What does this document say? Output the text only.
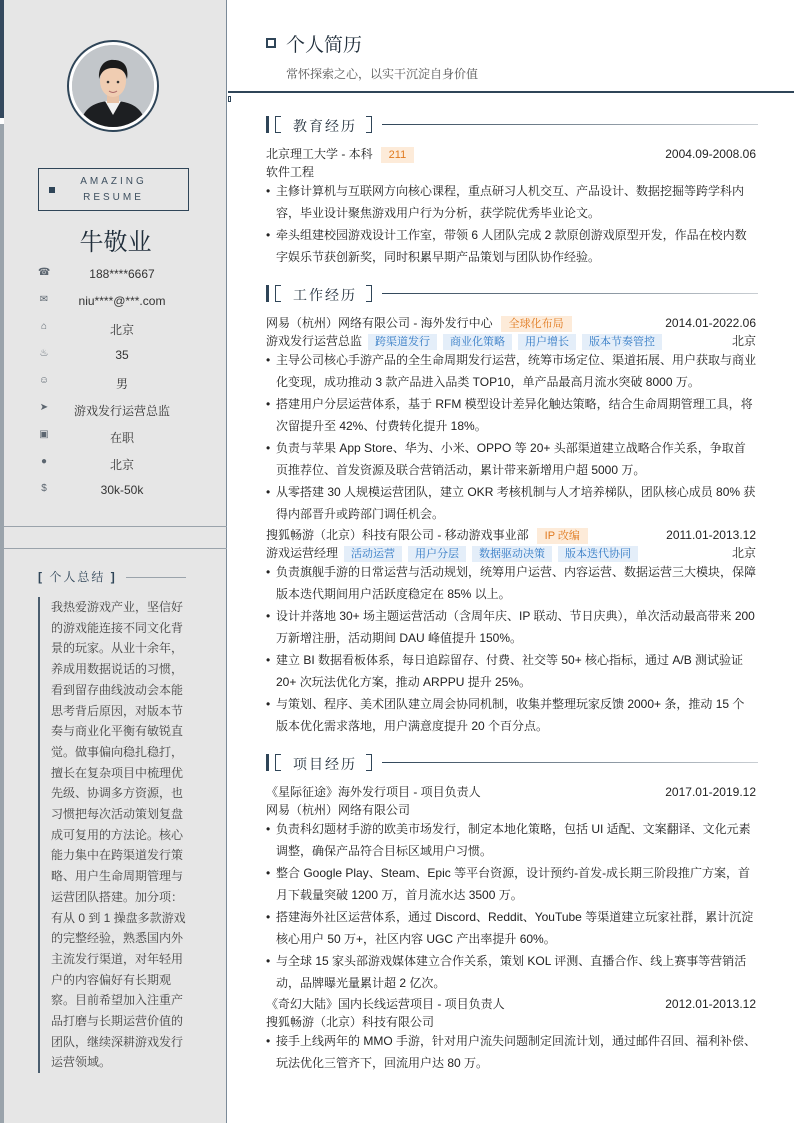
AMAZING
RESUME
牛敬业
☎	188****6667
✉	niu****@***.com
⌂	北京
♨	35
☺	男
➤	游戏发行运营总监
▣	在职
●	北京
$	30k-50k
[ 个人总结 ]
我热爱游戏产业，坚信好的游戏能连接不同文化背景的玩家。从业十余年，养成用数据说话的习惯，看到留存曲线波动会本能思考背后原因，对版本节奏与商业化平衡有敏锐直觉。做事偏向稳扎稳打，擅长在复杂项目中梳理优先级、协调多方资源，也习惯把每次活动策划复盘成可复用的方法论。核心能力集中在跨渠道发行策略、用户生命周期管理与运营团队搭建。加分项：有从 0 到 1 操盘多款游戏的完整经验，熟悉国内外主流发行渠道，对年轻用户的内容偏好有长期观察。目前希望加入注重产品打磨与长期运营价值的团队，继续深耕游戏发行运营领域。
个人简历
常怀探索之心，以实干沉淀自身价值
教育经历
北京理工大学 - 本科 211	2004.09-2008.06
软件工程
• 主修计算机与互联网方向核心课程，重点研习人机交互、产品设计、数据挖掘等跨学科内容，毕业设计聚焦游戏用户行为分析，获学院优秀毕业论文。
• 牵头组建校园游戏设计工作室，带领 6 人团队完成 2 款原创游戏原型开发，作品在校内数字娱乐节获创新奖，同时积累早期产品策划与团队协作经验。
工作经历
网易（杭州）网络有限公司 - 海外发行中心 全球化布局	2014.01-2022.06
游戏发行运营总监 跨渠道发行 商业化策略 用户增长 版本节奏管控	北京
• 主导公司核心手游产品的全生命周期发行运营，统筹市场定位、渠道拓展、用户获取与商业化变现，成功推动 3 款产品进入品类 TOP10，单产品最高月流水突破 8000 万。
• 搭建用户分层运营体系，基于 RFM 模型设计差异化触达策略，结合生命周期管理工具，将次留提升至 42%、付费转化提升 18%。
• 负责与苹果 App Store、华为、小米、OPPO 等 20+ 头部渠道建立战略合作关系，争取首页推荐位、首发资源及联合营销活动，累计带来新增用户超 5000 万。
• 从零搭建 30 人规模运营团队，建立 OKR 考核机制与人才培养梯队，团队核心成员 80% 获得内部晋升或跨部门调任机会。
搜狐畅游（北京）科技有限公司 - 移动游戏事业部 IP 改编	2011.01-2013.12
游戏运营经理 活动运营 用户分层 数据驱动决策 版本迭代协同	北京
• 负责旗舰手游的日常运营与活动规划，统筹用户运营、内容运营、数据运营三大模块，保障版本迭代期间用户活跃度稳定在 85% 以上。
• 设计并落地 30+ 场主题运营活动（含周年庆、IP 联动、节日庆典），单次活动最高带来 200 万新增注册，活动期间 DAU 峰值提升 150%。
• 建立 BI 数据看板体系，每日追踪留存、付费、社交等 50+ 核心指标，通过 A/B 测试验证 20+ 次玩法优化方案，推动 ARPPU 提升 25%。
• 与策划、程序、美术团队建立周会协同机制，收集并整理玩家反馈 2000+ 条，推动 15 个版本优化需求落地，用户满意度提升 20 个百分点。
项目经历
《星际征途》海外发行项目 - 项目负责人	2017.01-2019.12
网易（杭州）网络有限公司
• 负责科幻题材手游的欧美市场发行，制定本地化策略，包括 UI 适配、文案翻译、文化元素调整，确保产品符合目标区域用户习惯。
• 整合 Google Play、Steam、Epic 等平台资源，设计预约-首发-成长期三阶段推广方案，首月下载量突破 1200 万，首月流水达 3500 万。
• 搭建海外社区运营体系，通过 Discord、Reddit、YouTube 等渠道建立玩家社群，累计沉淀核心用户 50 万+，社区内容 UGC 产出率提升 60%。
• 与全球 15 家头部游戏媒体建立合作关系，策划 KOL 评测、直播合作、线上赛事等营销活动，品牌曝光量累计超 2 亿次。
《奇幻大陆》国内长线运营项目 - 项目负责人	2012.01-2013.12
搜狐畅游（北京）科技有限公司
• 接手上线两年的 MMO 手游，针对用户流失问题制定回流计划，通过邮件召回、福利补偿、玩法优化三管齐下，回流用户达 80 万。
